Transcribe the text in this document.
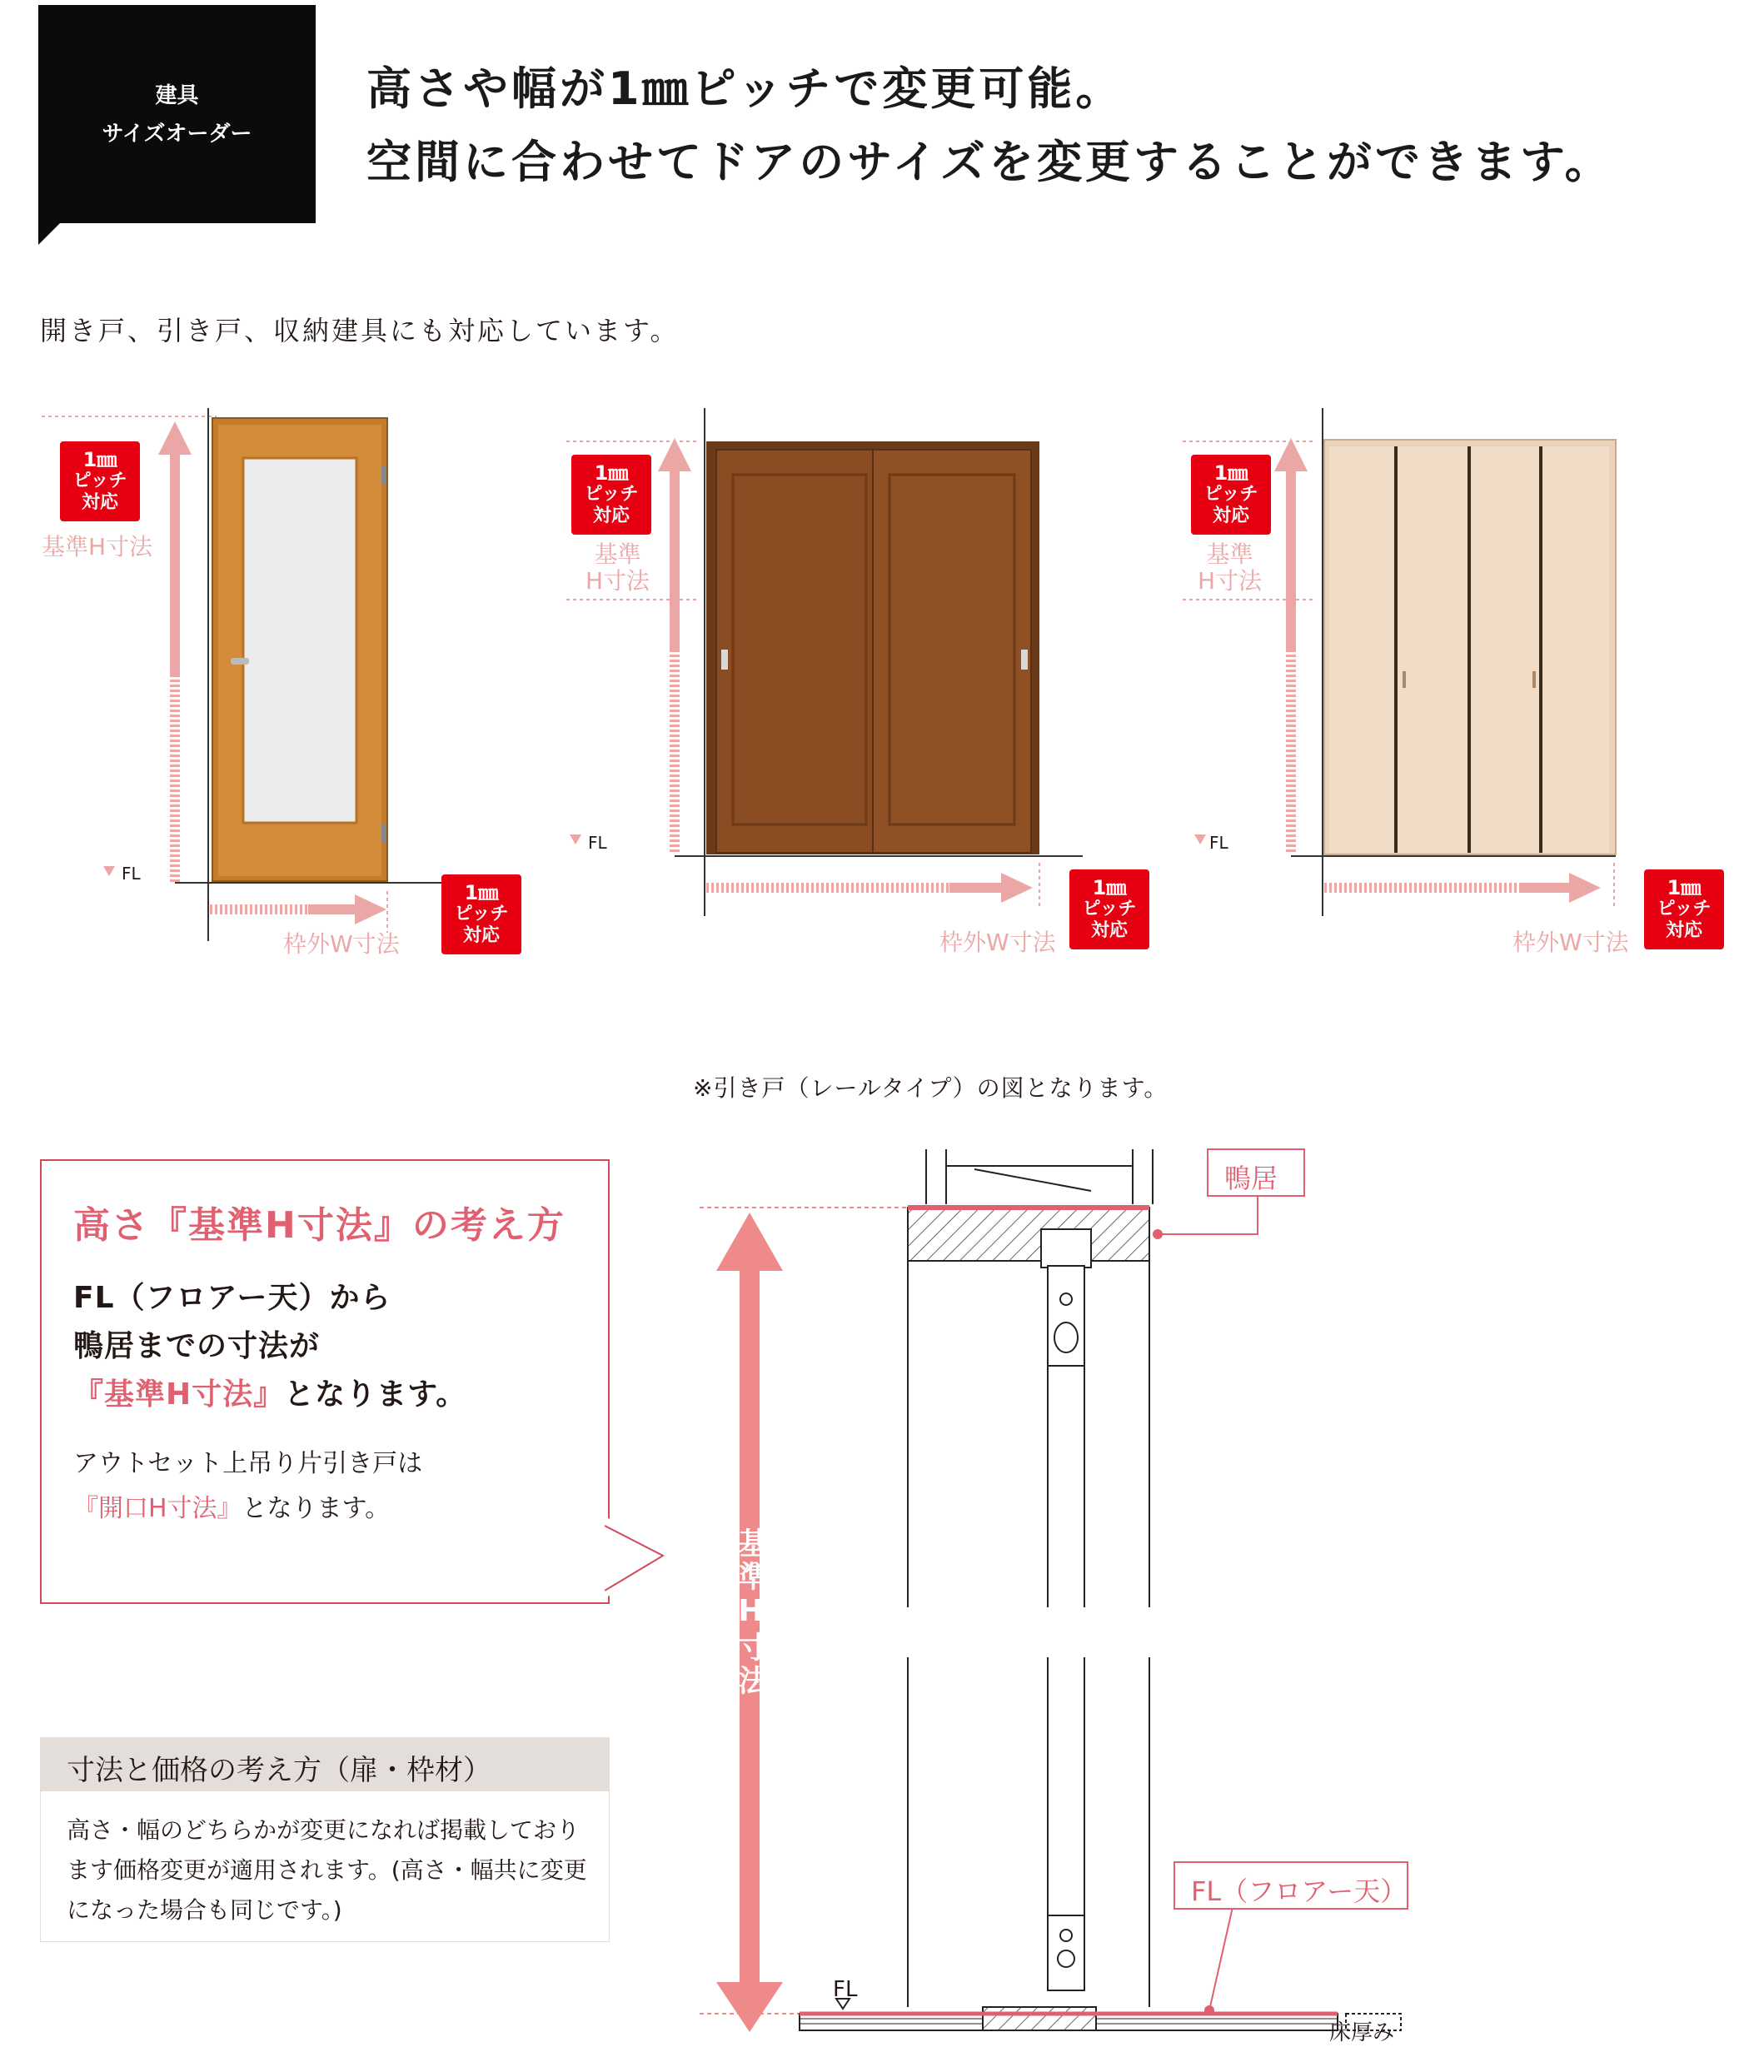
建具
サイズオーダー
高さや幅が1㎜ピッチで変更可能。
空間に合わせてドアのサイズを変更することができます。
開き戸、引き戸、収納建具にも対応しています。
基準H寸法
FL
枠外W寸法
1㎜
ピッチ
対応
1㎜
ピッチ
対応
基準
H寸法
FL
枠外W寸法
1㎜
ピッチ
対応
1㎜
ピッチ
対応
基準
H寸法
FL
枠外W寸法
1㎜
ピッチ
対応
1㎜
ピッチ
対応
※引き戸（レールタイプ）の図となります。
高さ『基準H寸法』の考え方
FL（フロアー天）から
鴨居までの寸法が
『基準H寸法』となります。
アウトセット上吊り片引き戸は
『開口H寸法』となります。
寸法と価格の考え方（扉・枠材）
高さ・幅のどちらかが変更になれば掲載しております価格変更が適用されます。(高さ・幅共に変更になった場合も同じです。)
鴨居
FL（フロアー天）
基準H寸法
FL
床厚み
